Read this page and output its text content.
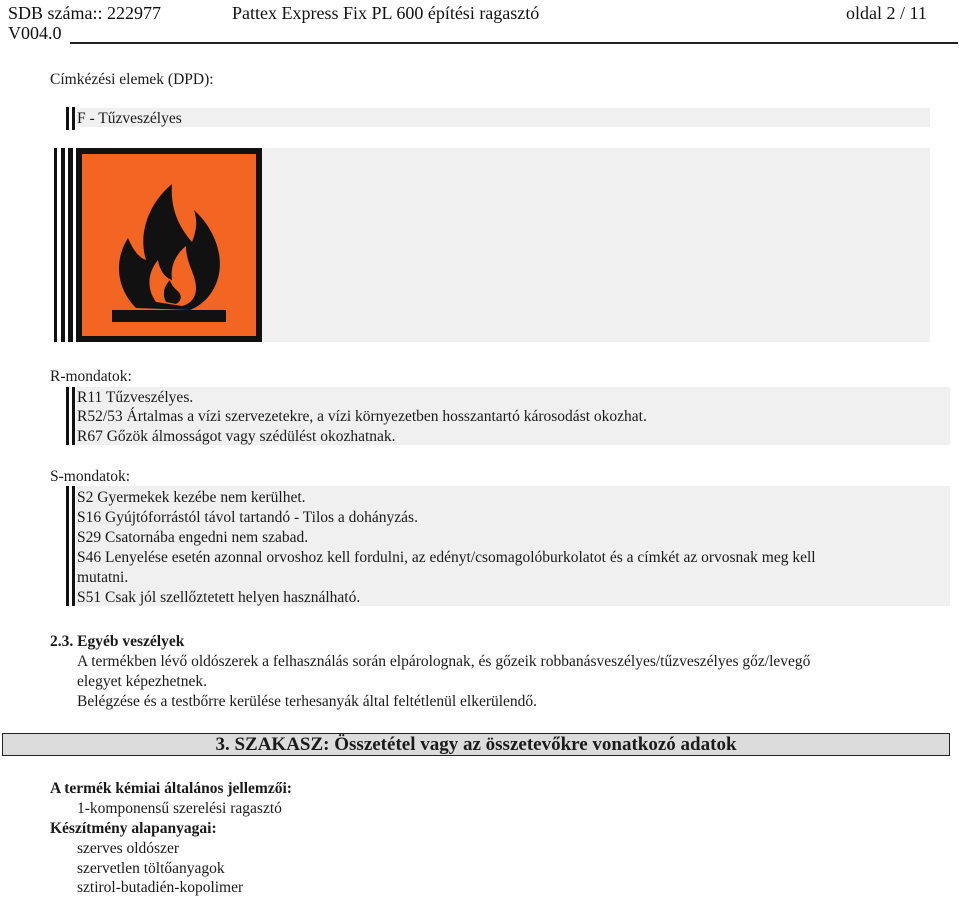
SDB száma:: 222977
V004.0
Pattex Express Fix PL 600 építési ragasztó	oldal 2 / 11
Címkézési elemek (DPD):
F - Tűzveszélyes
R-mondatok:
R11 Tűzveszélyes.
R52/53 Ártalmas a vízi szervezetekre, a vízi környezetben hosszantartó károsodást okozhat.
R67 Gőzök álmosságot vagy szédülést okozhatnak.
S-mondatok:
S2 Gyermekek kezébe nem kerülhet.
S16 Gyújtóforrástól távol tartandó - Tilos a dohányzás.
S29 Csatornába engedni nem szabad.
S46 Lenyelése esetén azonnal orvoshoz kell fordulni, az edényt/csomagolóburkolatot és a címkét az orvosnak meg kell
mutatni.
S51 Csak jól szellőztetett helyen használható.
2.3. Egyéb veszélyek
A termékben lévő oldószerek a felhasználás során elpárolognak, és gőzeik robbanásveszélyes/tűzveszélyes gőz/levegő
elegyet képezhetnek.
Belégzése és a testbőrre kerülése terhesanyák által feltétlenül elkerülendő.
3. SZAKASZ: Összetétel vagy az összetevőkre vonatkozó adatok
A termék kémiai általános jellemzői:
1-komponensű szerelési ragasztó
Készítmény alapanyagai:
szerves oldószer
szervetlen töltőanyagok
sztirol-butadién-kopolimer
